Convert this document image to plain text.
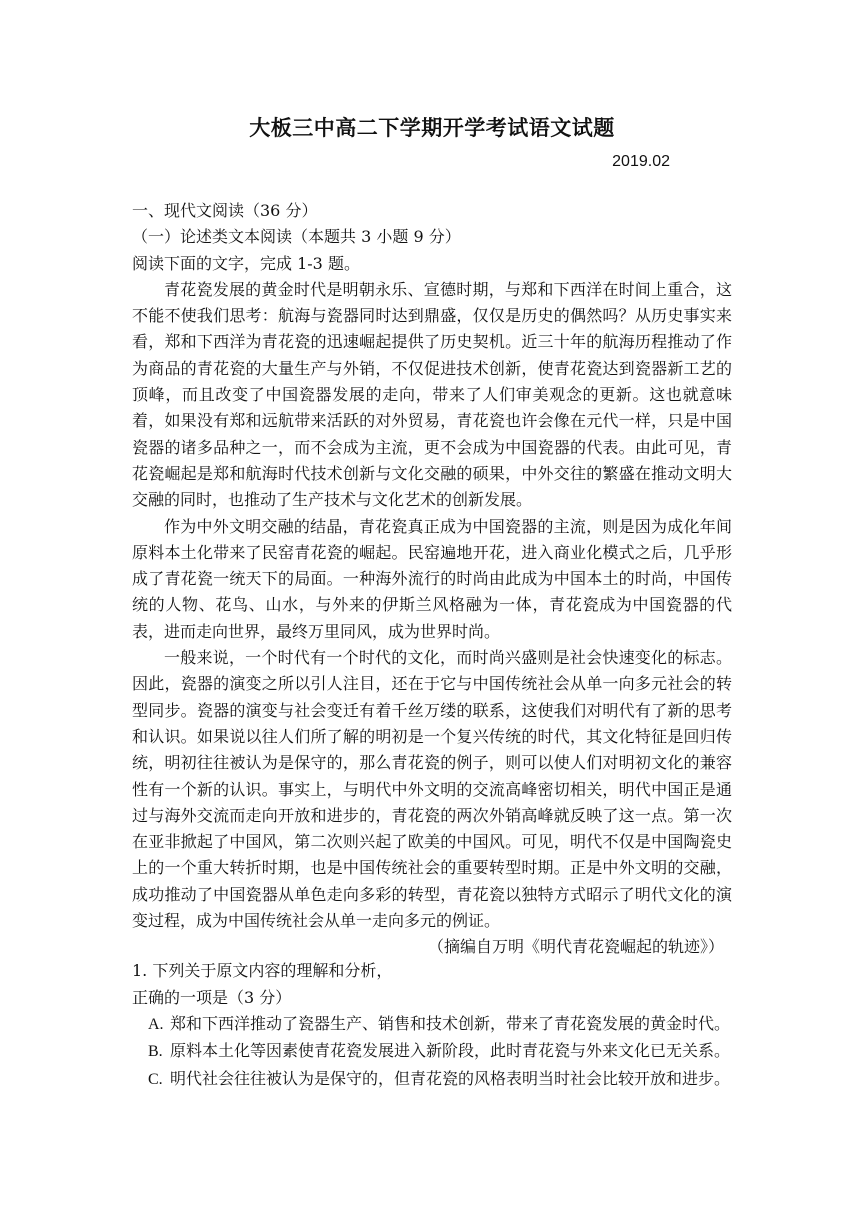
大板三中高二下学期开学考试语文试题
2019.02

一、现代文阅读（36 分）

（一）论述类文本阅读（本题共 3 小题 9 分）

阅读下面的文字，完成 1-3 题。

青花瓷发展的黄金时代是明朝永乐、宣德时期，与郑和下西洋在时间上重合，这不能不使我们思考：航海与瓷器同时达到鼎盛，仅仅是历史的偶然吗？从历史事实来看，郑和下西洋为青花瓷的迅速崛起提供了历史契机。近三十年的航海历程推动了作为商品的青花瓷的大量生产与外销，不仅促进技术创新，使青花瓷达到瓷器新工艺的顶峰，而且改变了中国瓷器发展的走向，带来了人们审美观念的更新。这也就意味着，如果没有郑和远航带来活跃的对外贸易，青花瓷也许会像在元代一样，只是中国瓷器的诸多品种之一，而不会成为主流，更不会成为中国瓷器的代表。由此可见，青花瓷崛起是郑和航海时代技术创新与文化交融的硕果，中外交往的繁盛在推动文明大交融的同时，也推动了生产技术与文化艺术的创新发展。

作为中外文明交融的结晶，青花瓷真正成为中国瓷器的主流，则是因为成化年间原料本土化带来了民窑青花瓷的崛起。民窑遍地开花，进入商业化模式之后，几乎形成了青花瓷一统天下的局面。一种海外流行的时尚由此成为中国本土的时尚，中国传统的人物、花鸟、山水，与外来的伊斯兰风格融为一体，青花瓷成为中国瓷器的代表，进而走向世界，最终万里同风，成为世界时尚。

一般来说，一个时代有一个时代的文化，而时尚兴盛则是社会快速变化的标志。因此，瓷器的演变之所以引人注目，还在于它与中国传统社会从单一向多元社会的转型同步。瓷器的演变与社会变迁有着千丝万缕的联系，这使我们对明代有了新的思考和认识。如果说以往人们所了解的明初是一个复兴传统的时代，其文化特征是回归传统，明初往往被认为是保守的，那么青花瓷的例子，则可以使人们对明初文化的兼容性有一个新的认识。事实上，与明代中外文明的交流高峰密切相关，明代中国正是通过与海外交流而走向开放和进步的，青花瓷的两次外销高峰就反映了这一点。第一次在亚非掀起了中国风，第二次则兴起了欧美的中国风。可见，明代不仅是中国陶瓷史上的一个重大转折时期，也是中国传统社会的重要转型时期。正是中外文明的交融，成功推动了中国瓷器从单色走向多彩的转型，青花瓷以独特方式昭示了明代文化的演变过程，成为中国传统社会从单一走向多元的例证。
（摘编自万明《明代青花瓷崛起的轨迹》）

1. 下列关于原文内容的理解和分析，正确的一项是（3 分）

A. 郑和下西洋推动了瓷器生产、销售和技术创新，带来了青花瓷发展的黄金时代。

B. 原料本土化等因素使青花瓷发展进入新阶段，此时青花瓷与外来文化已无关系。

C. 明代社会往往被认为是保守的，但青花瓷的风格表明当时社会比较开放和进步。
